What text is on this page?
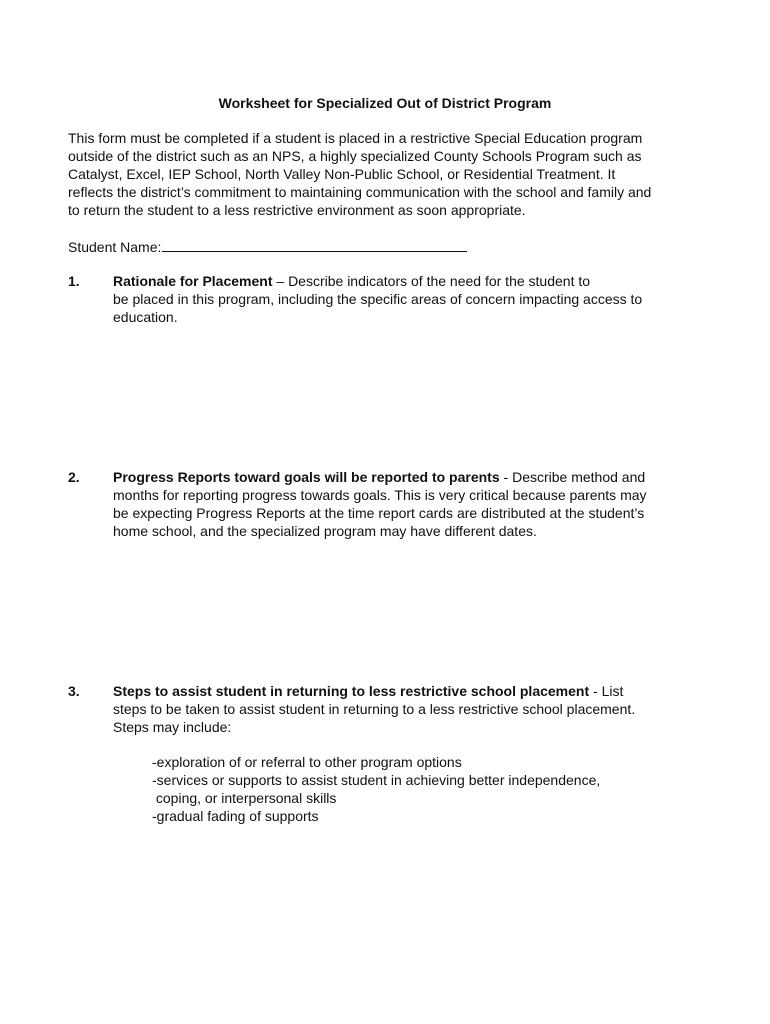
Worksheet for Specialized Out of District Program
This form must be completed if a student is placed in a restrictive Special Education program
outside of the district such as an NPS, a highly specialized County Schools Program such as
Catalyst, Excel, IEP School, North Valley Non-Public School, or Residential Treatment. It
reflects the district’s commitment to maintaining communication with the school and family and
to return the student to a less restrictive environment as soon appropriate.
Student Name:
1. Rationale for Placement – Describe indicators of the need for the student to
be placed in this program, including the specific areas of concern impacting access to
education.
2. Progress Reports toward goals will be reported to parents - Describe method and
months for reporting progress towards goals. This is very critical because parents may
be expecting Progress Reports at the time report cards are distributed at the student’s
home school, and the specialized program may have different dates.
3. Steps to assist student in returning to less restrictive school placement - List
steps to be taken to assist student in returning to a less restrictive school placement.
Steps may include:
-exploration of or referral to other program options
-services or supports to assist student in achieving better independence,
coping, or interpersonal skills
-gradual fading of supports
